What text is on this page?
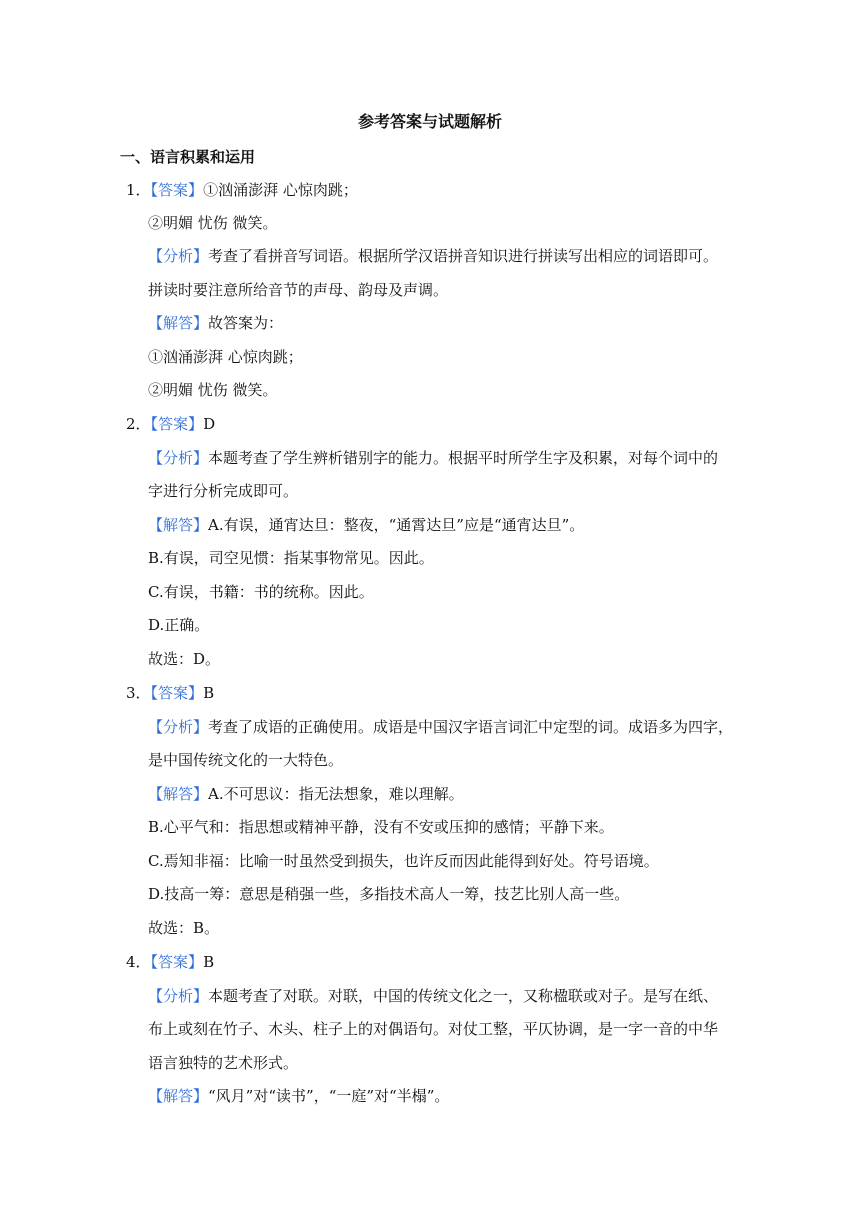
参考答案与试题解析
一、语言积累和运用
1．【答案】①汹涌澎湃 心惊肉跳；
②明媚 忧伤 微笑。
【分析】考查了看拼音写词语。根据所学汉语拼音知识进行拼读写出相应的词语即可。
拼读时要注意所给音节的声母、韵母及声调。
【解答】故答案为：
①汹涌澎湃 心惊肉跳；
②明媚 忧伤 微笑。
2．【答案】D
【分析】本题考查了学生辨析错别字的能力。根据平时所学生字及积累，对每个词中的
字进行分析完成即可。
【解答】A.有误，通宵达旦：整夜，“通霄达旦”应是“通宵达旦”。
B.有误，司空见惯：指某事物常见。因此。
C.有误，书籍：书的统称。因此。
D.正确。
故选：D。
3．【答案】B
【分析】考查了成语的正确使用。成语是中国汉字语言词汇中定型的词。成语多为四字，
是中国传统文化的一大特色。
【解答】A.不可思议：指无法想象，难以理解。
B.心平气和：指思想或精神平静，没有不安或压抑的感情；平静下来。
C.焉知非福：比喻一时虽然受到损失，也许反而因此能得到好处。符号语境。
D.技高一筹：意思是稍强一些，多指技术高人一筹，技艺比别人高一些。
故选：B。
4．【答案】B
【分析】本题考查了对联。对联，中国的传统文化之一，又称楹联或对子。是写在纸、
布上或刻在竹子、木头、柱子上的对偶语句。对仗工整，平仄协调，是一字一音的中华
语言独特的艺术形式。
【解答】“风月”对“读书”，“一庭”对“半榻”。
